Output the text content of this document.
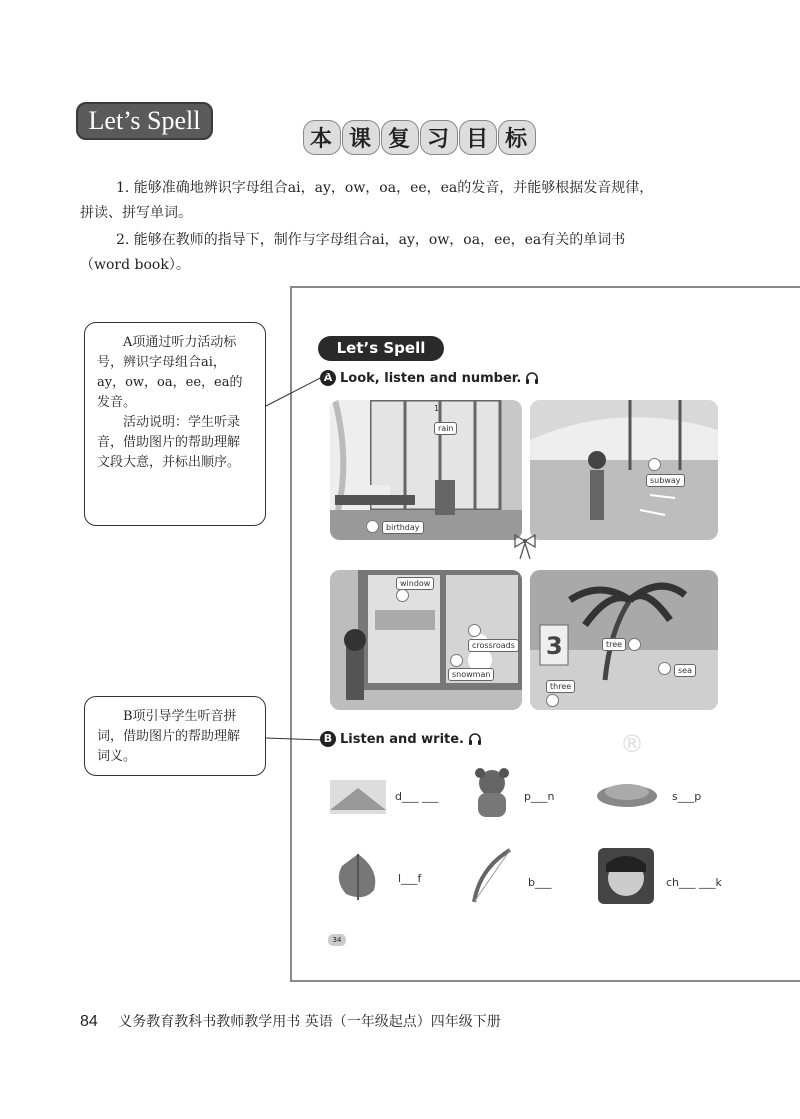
Let’s Spell
本 课 复 习 目 标
1. 能够准确地辨识字母组合ai，ay，ow，oa，ee，ea的发音，并能够根据发音规律，
拼读、拼写单词。
2. 能够在教师的指导下，制作与字母组合ai，ay，ow，oa，ee，ea有关的单词书
（word book）。
Let’s Spell
A Look, listen and number.
1
rain
birthday
subway
window
crossroads
snowman
3	tree
sea
three
B Listen and write.
d___ ___	p___n	s___p
l___f	b___	ch___ ___k
34

A项通过听力活动标号，辨识字母组合ai，ay，ow，oa，ee，ea的发音。

活动说明：学生听录音，借助图片的帮助理解文段大意，并标出顺序。

B项引导学生听音拼词，借助图片的帮助理解词义。	®
84 义务教育教科书教师教学用书 英语（一年级起点）四年级下册
